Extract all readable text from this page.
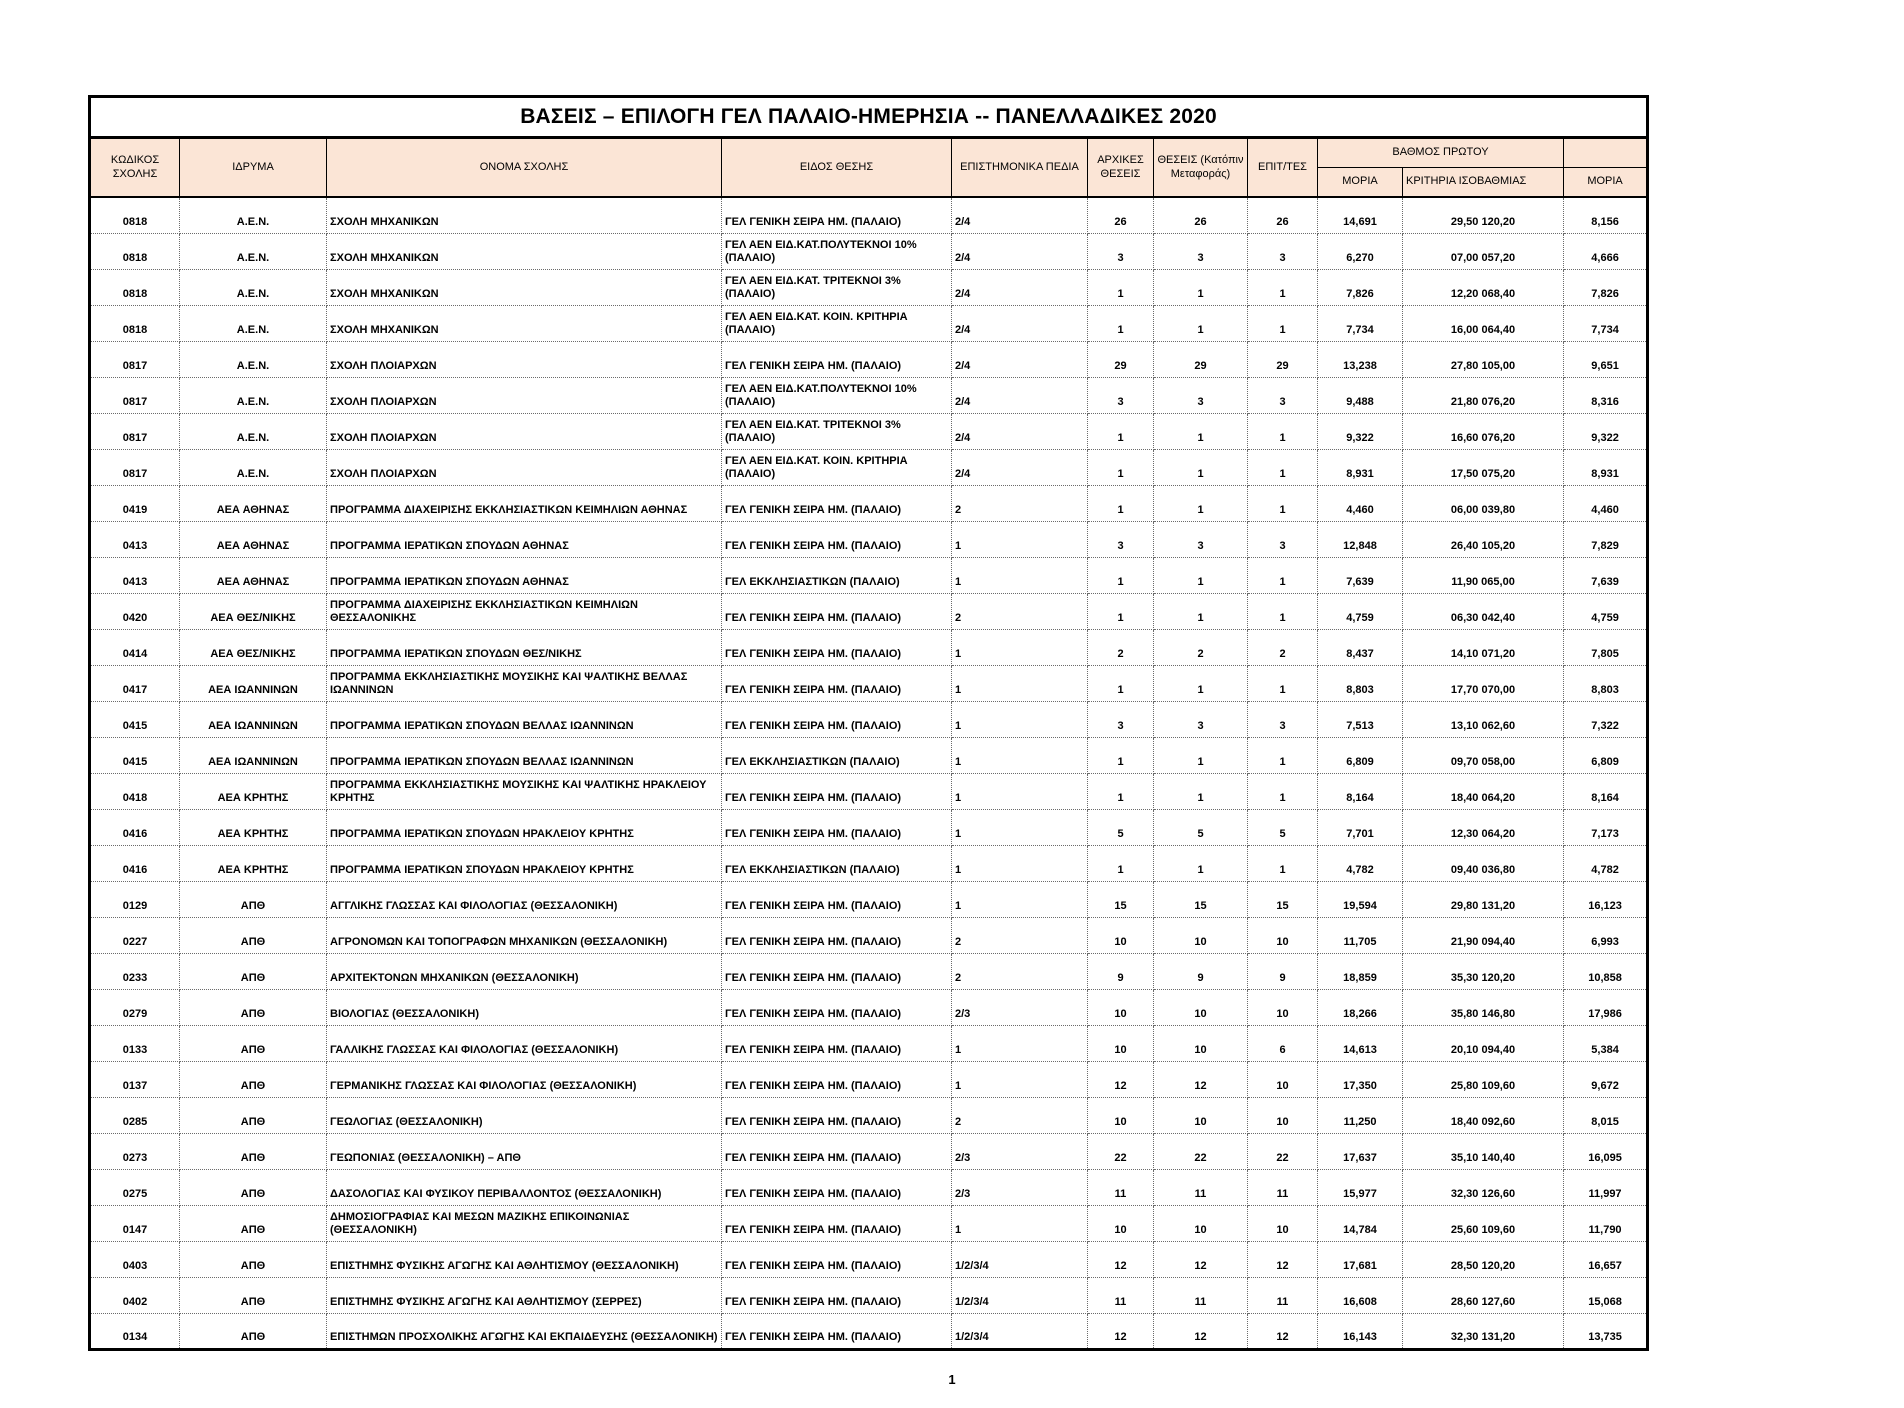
ΒΑΣΕΙΣ – ΕΠΙΛΟΓΗ ΓΕΛ ΠΑΛΑΙΟ-ΗΜΕΡΗΣΙΑ -- ΠΑΝΕΛΛΑΔΙΚΕΣ 2020										
ΚΩΔΙΚΟΣ ΣΧΟΛΗΣ	ΙΔΡΥΜΑ	ΟΝΟΜΑ ΣΧΟΛΗΣ	ΕΙΔΟΣ ΘΕΣΗΣ	ΕΠΙΣΤΗΜΟΝΙΚΑ ΠΕΔΙΑ	ΑΡΧΙΚΕΣ ΘΕΣΕΙΣ	ΘΕΣΕΙΣ (Κατόπιν Μεταφοράς)	ΕΠΙΤ/ΤΕΣ	ΒΑΘΜΟΣ ΠΡΩΤΟΥ		
								ΜΟΡΙΑ	ΚΡΙΤΗΡΙΑ ΙΣΟΒΑΘΜΙΑΣ	ΜΟΡΙΑ
0818	Α.Ε.Ν.	ΣΧΟΛΗ ΜΗΧΑΝΙΚΩΝ	ΓΕΛ ΓΕΝΙΚΗ ΣΕΙΡΑ ΗΜ. (ΠΑΛΑΙΟ)	2/4	26	26	26	14,691	29,50 120,20	8,156
0818	Α.Ε.Ν.	ΣΧΟΛΗ ΜΗΧΑΝΙΚΩΝ	ΓΕΛ ΑΕΝ ΕΙΔ.ΚΑΤ.ΠΟΛΥΤΕΚΝΟΙ 10% (ΠΑΛΑΙΟ)	2/4	3	3	3	6,270	07,00 057,20	4,666
0818	Α.Ε.Ν.	ΣΧΟΛΗ ΜΗΧΑΝΙΚΩΝ	ΓΕΛ ΑΕΝ ΕΙΔ.ΚΑΤ. ΤΡΙΤΕΚΝΟΙ 3% (ΠΑΛΑΙΟ)	2/4	1	1	1	7,826	12,20 068,40	7,826
0818	Α.Ε.Ν.	ΣΧΟΛΗ ΜΗΧΑΝΙΚΩΝ	ΓΕΛ ΑΕΝ ΕΙΔ.ΚΑΤ. ΚΟΙΝ. ΚΡΙΤΗΡΙΑ (ΠΑΛΑΙΟ)	2/4	1	1	1	7,734	16,00 064,40	7,734
0817	Α.Ε.Ν.	ΣΧΟΛΗ ΠΛΟΙΑΡΧΩΝ	ΓΕΛ ΓΕΝΙΚΗ ΣΕΙΡΑ ΗΜ. (ΠΑΛΑΙΟ)	2/4	29	29	29	13,238	27,80 105,00	9,651
0817	Α.Ε.Ν.	ΣΧΟΛΗ ΠΛΟΙΑΡΧΩΝ	ΓΕΛ ΑΕΝ ΕΙΔ.ΚΑΤ.ΠΟΛΥΤΕΚΝΟΙ 10% (ΠΑΛΑΙΟ)	2/4	3	3	3	9,488	21,80 076,20	8,316
0817	Α.Ε.Ν.	ΣΧΟΛΗ ΠΛΟΙΑΡΧΩΝ	ΓΕΛ ΑΕΝ ΕΙΔ.ΚΑΤ. ΤΡΙΤΕΚΝΟΙ 3% (ΠΑΛΑΙΟ)	2/4	1	1	1	9,322	16,60 076,20	9,322
0817	Α.Ε.Ν.	ΣΧΟΛΗ ΠΛΟΙΑΡΧΩΝ	ΓΕΛ ΑΕΝ ΕΙΔ.ΚΑΤ. ΚΟΙΝ. ΚΡΙΤΗΡΙΑ (ΠΑΛΑΙΟ)	2/4	1	1	1	8,931	17,50 075,20	8,931
0419	ΑΕΑ ΑΘΗΝΑΣ	ΠΡΟΓΡΑΜΜΑ ΔΙΑΧΕΙΡΙΣΗΣ ΕΚΚΛΗΣΙΑΣΤΙΚΩΝ ΚΕΙΜΗΛΙΩΝ ΑΘΗΝΑΣ	ΓΕΛ ΓΕΝΙΚΗ ΣΕΙΡΑ ΗΜ. (ΠΑΛΑΙΟ)	2	1	1	1	4,460	06,00 039,80	4,460
0413	ΑΕΑ ΑΘΗΝΑΣ	ΠΡΟΓΡΑΜΜΑ ΙΕΡΑΤΙΚΩΝ ΣΠΟΥΔΩΝ ΑΘΗΝΑΣ	ΓΕΛ ΓΕΝΙΚΗ ΣΕΙΡΑ ΗΜ. (ΠΑΛΑΙΟ)	1	3	3	3	12,848	26,40 105,20	7,829
0413	ΑΕΑ ΑΘΗΝΑΣ	ΠΡΟΓΡΑΜΜΑ ΙΕΡΑΤΙΚΩΝ ΣΠΟΥΔΩΝ ΑΘΗΝΑΣ	ΓΕΛ ΕΚΚΛΗΣΙΑΣΤΙΚΩΝ (ΠΑΛΑΙΟ)	1	1	1	1	7,639	11,90 065,00	7,639
0420	ΑΕΑ ΘΕΣ/ΝΙΚΗΣ	ΠΡΟΓΡΑΜΜΑ ΔΙΑΧΕΙΡΙΣΗΣ ΕΚΚΛΗΣΙΑΣΤΙΚΩΝ ΚΕΙΜΗΛΙΩΝ ΘΕΣΣΑΛΟΝΙΚΗΣ	ΓΕΛ ΓΕΝΙΚΗ ΣΕΙΡΑ ΗΜ. (ΠΑΛΑΙΟ)	2	1	1	1	4,759	06,30 042,40	4,759
0414	ΑΕΑ ΘΕΣ/ΝΙΚΗΣ	ΠΡΟΓΡΑΜΜΑ ΙΕΡΑΤΙΚΩΝ ΣΠΟΥΔΩΝ ΘΕΣ/ΝΙΚΗΣ	ΓΕΛ ΓΕΝΙΚΗ ΣΕΙΡΑ ΗΜ. (ΠΑΛΑΙΟ)	1	2	2	2	8,437	14,10 071,20	7,805
0417	ΑΕΑ ΙΩΑΝΝΙΝΩΝ	ΠΡΟΓΡΑΜΜΑ ΕΚΚΛΗΣΙΑΣΤΙΚΗΣ ΜΟΥΣΙΚΗΣ ΚΑΙ ΨΑΛΤΙΚΗΣ ΒΕΛΛΑΣ ΙΩΑΝΝΙΝΩΝ	ΓΕΛ ΓΕΝΙΚΗ ΣΕΙΡΑ ΗΜ. (ΠΑΛΑΙΟ)	1	1	1	1	8,803	17,70 070,00	8,803
0415	ΑΕΑ ΙΩΑΝΝΙΝΩΝ	ΠΡΟΓΡΑΜΜΑ ΙΕΡΑΤΙΚΩΝ ΣΠΟΥΔΩΝ ΒΕΛΛΑΣ ΙΩΑΝΝΙΝΩΝ	ΓΕΛ ΓΕΝΙΚΗ ΣΕΙΡΑ ΗΜ. (ΠΑΛΑΙΟ)	1	3	3	3	7,513	13,10 062,60	7,322
0415	ΑΕΑ ΙΩΑΝΝΙΝΩΝ	ΠΡΟΓΡΑΜΜΑ ΙΕΡΑΤΙΚΩΝ ΣΠΟΥΔΩΝ ΒΕΛΛΑΣ ΙΩΑΝΝΙΝΩΝ	ΓΕΛ ΕΚΚΛΗΣΙΑΣΤΙΚΩΝ (ΠΑΛΑΙΟ)	1	1	1	1	6,809	09,70 058,00	6,809
0418	ΑΕΑ ΚΡΗΤΗΣ	ΠΡΟΓΡΑΜΜΑ ΕΚΚΛΗΣΙΑΣΤΙΚΗΣ ΜΟΥΣΙΚΗΣ ΚΑΙ ΨΑΛΤΙΚΗΣ ΗΡΑΚΛΕΙΟΥ ΚΡΗΤΗΣ	ΓΕΛ ΓΕΝΙΚΗ ΣΕΙΡΑ ΗΜ. (ΠΑΛΑΙΟ)	1	1	1	1	8,164	18,40 064,20	8,164
0416	ΑΕΑ ΚΡΗΤΗΣ	ΠΡΟΓΡΑΜΜΑ ΙΕΡΑΤΙΚΩΝ ΣΠΟΥΔΩΝ ΗΡΑΚΛΕΙΟΥ ΚΡΗΤΗΣ	ΓΕΛ ΓΕΝΙΚΗ ΣΕΙΡΑ ΗΜ. (ΠΑΛΑΙΟ)	1	5	5	5	7,701	12,30 064,20	7,173
0416	ΑΕΑ ΚΡΗΤΗΣ	ΠΡΟΓΡΑΜΜΑ ΙΕΡΑΤΙΚΩΝ ΣΠΟΥΔΩΝ ΗΡΑΚΛΕΙΟΥ ΚΡΗΤΗΣ	ΓΕΛ ΕΚΚΛΗΣΙΑΣΤΙΚΩΝ (ΠΑΛΑΙΟ)	1	1	1	1	4,782	09,40 036,80	4,782
0129	ΑΠΘ	ΑΓΓΛΙΚΗΣ ΓΛΩΣΣΑΣ ΚΑΙ ΦΙΛΟΛΟΓΙΑΣ (ΘΕΣΣΑΛΟΝΙΚΗ)	ΓΕΛ ΓΕΝΙΚΗ ΣΕΙΡΑ ΗΜ. (ΠΑΛΑΙΟ)	1	15	15	15	19,594	29,80 131,20	16,123
0227	ΑΠΘ	ΑΓΡΟΝΟΜΩΝ ΚΑΙ ΤΟΠΟΓΡΑΦΩΝ ΜΗΧΑΝΙΚΩΝ (ΘΕΣΣΑΛΟΝΙΚΗ)	ΓΕΛ ΓΕΝΙΚΗ ΣΕΙΡΑ ΗΜ. (ΠΑΛΑΙΟ)	2	10	10	10	11,705	21,90 094,40	6,993
0233	ΑΠΘ	ΑΡΧΙΤΕΚΤΟΝΩΝ ΜΗΧΑΝΙΚΩΝ (ΘΕΣΣΑΛΟΝΙΚΗ)	ΓΕΛ ΓΕΝΙΚΗ ΣΕΙΡΑ ΗΜ. (ΠΑΛΑΙΟ)	2	9	9	9	18,859	35,30 120,20	10,858
0279	ΑΠΘ	ΒΙΟΛΟΓΙΑΣ (ΘΕΣΣΑΛΟΝΙΚΗ)	ΓΕΛ ΓΕΝΙΚΗ ΣΕΙΡΑ ΗΜ. (ΠΑΛΑΙΟ)	2/3	10	10	10	18,266	35,80 146,80	17,986
0133	ΑΠΘ	ΓΑΛΛΙΚΗΣ ΓΛΩΣΣΑΣ ΚΑΙ ΦΙΛΟΛΟΓΙΑΣ (ΘΕΣΣΑΛΟΝΙΚΗ)	ΓΕΛ ΓΕΝΙΚΗ ΣΕΙΡΑ ΗΜ. (ΠΑΛΑΙΟ)	1	10	10	6	14,613	20,10 094,40	5,384
0137	ΑΠΘ	ΓΕΡΜΑΝΙΚΗΣ ΓΛΩΣΣΑΣ ΚΑΙ ΦΙΛΟΛΟΓΙΑΣ (ΘΕΣΣΑΛΟΝΙΚΗ)	ΓΕΛ ΓΕΝΙΚΗ ΣΕΙΡΑ ΗΜ. (ΠΑΛΑΙΟ)	1	12	12	10	17,350	25,80 109,60	9,672
0285	ΑΠΘ	ΓΕΩΛΟΓΙΑΣ (ΘΕΣΣΑΛΟΝΙΚΗ)	ΓΕΛ ΓΕΝΙΚΗ ΣΕΙΡΑ ΗΜ. (ΠΑΛΑΙΟ)	2	10	10	10	11,250	18,40 092,60	8,015
0273	ΑΠΘ	ΓΕΩΠΟΝΙΑΣ (ΘΕΣΣΑΛΟΝΙΚΗ) – ΑΠΘ	ΓΕΛ ΓΕΝΙΚΗ ΣΕΙΡΑ ΗΜ. (ΠΑΛΑΙΟ)	2/3	22	22	22	17,637	35,10 140,40	16,095
0275	ΑΠΘ	ΔΑΣΟΛΟΓΙΑΣ ΚΑΙ ΦΥΣΙΚΟΥ ΠΕΡΙΒΑΛΛΟΝΤΟΣ (ΘΕΣΣΑΛΟΝΙΚΗ)	ΓΕΛ ΓΕΝΙΚΗ ΣΕΙΡΑ ΗΜ. (ΠΑΛΑΙΟ)	2/3	11	11	11	15,977	32,30 126,60	11,997
0147	ΑΠΘ	ΔΗΜΟΣΙΟΓΡΑΦΙΑΣ ΚΑΙ ΜΕΣΩΝ ΜΑΖΙΚΗΣ ΕΠΙΚΟΙΝΩΝΙΑΣ (ΘΕΣΣΑΛΟΝΙΚΗ)	ΓΕΛ ΓΕΝΙΚΗ ΣΕΙΡΑ ΗΜ. (ΠΑΛΑΙΟ)	1	10	10	10	14,784	25,60 109,60	11,790
0403	ΑΠΘ	ΕΠΙΣΤΗΜΗΣ ΦΥΣΙΚΗΣ ΑΓΩΓΗΣ ΚΑΙ ΑΘΛΗΤΙΣΜΟΥ (ΘΕΣΣΑΛΟΝΙΚΗ)	ΓΕΛ ΓΕΝΙΚΗ ΣΕΙΡΑ ΗΜ. (ΠΑΛΑΙΟ)	1/2/3/4	12	12	12	17,681	28,50 120,20	16,657
0402	ΑΠΘ	ΕΠΙΣΤΗΜΗΣ ΦΥΣΙΚΗΣ ΑΓΩΓΗΣ ΚΑΙ ΑΘΛΗΤΙΣΜΟΥ (ΣΕΡΡΕΣ)	ΓΕΛ ΓΕΝΙΚΗ ΣΕΙΡΑ ΗΜ. (ΠΑΛΑΙΟ)	1/2/3/4	11	11	11	16,608	28,60 127,60	15,068
0134	ΑΠΘ	ΕΠΙΣΤΗΜΩΝ ΠΡΟΣΧΟΛΙΚΗΣ ΑΓΩΓΗΣ ΚΑΙ ΕΚΠΑΙΔΕΥΣΗΣ (ΘΕΣΣΑΛΟΝΙΚΗ)	ΓΕΛ ΓΕΝΙΚΗ ΣΕΙΡΑ ΗΜ. (ΠΑΛΑΙΟ)	1/2/3/4	12	12	12	16,143	32,30 131,20	13,735
1
